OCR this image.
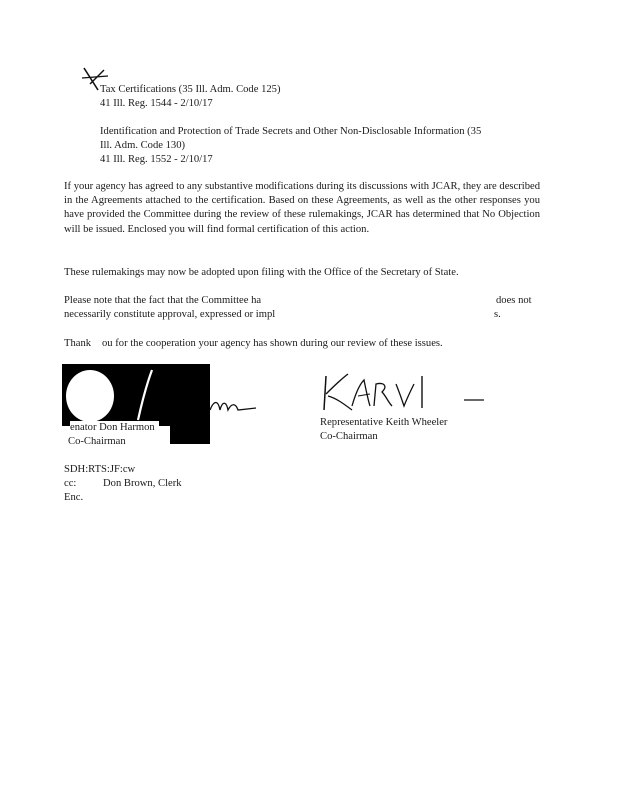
Tax Certifications (35 Ill. Adm. Code 125)
41 Ill. Reg. 1544 - 2/10/17
Identification and Protection of Trade Secrets and Other Non-Disclosable Information (35
Ill. Adm. Code 130)
41 Ill. Reg. 1552 - 2/10/17
If your agency has agreed to any substantive modifications during its discussions with JCAR, they are described in the Agreements attached to the certification. Based on these Agreements, as well as the other responses you have provided the Committee during the review of these rulemakings, JCAR has determined that No Objection will be issued. Enclosed you will find formal certification of this action.
These rulemakings may now be adopted upon filing with the Office of the Secretary of State.
Please note that the fact that the Committee ha	does not
necessarily constitute approval, expressed or impl	s.
Thank ou for the cooperation your agency has shown during our review of these issues.
enator Don Harmon
Co-Chairman
Representative Keith Wheeler
Co-Chairman
SDH:RTS:JF:cw
cc:	Don Brown, Clerk
Enc.
